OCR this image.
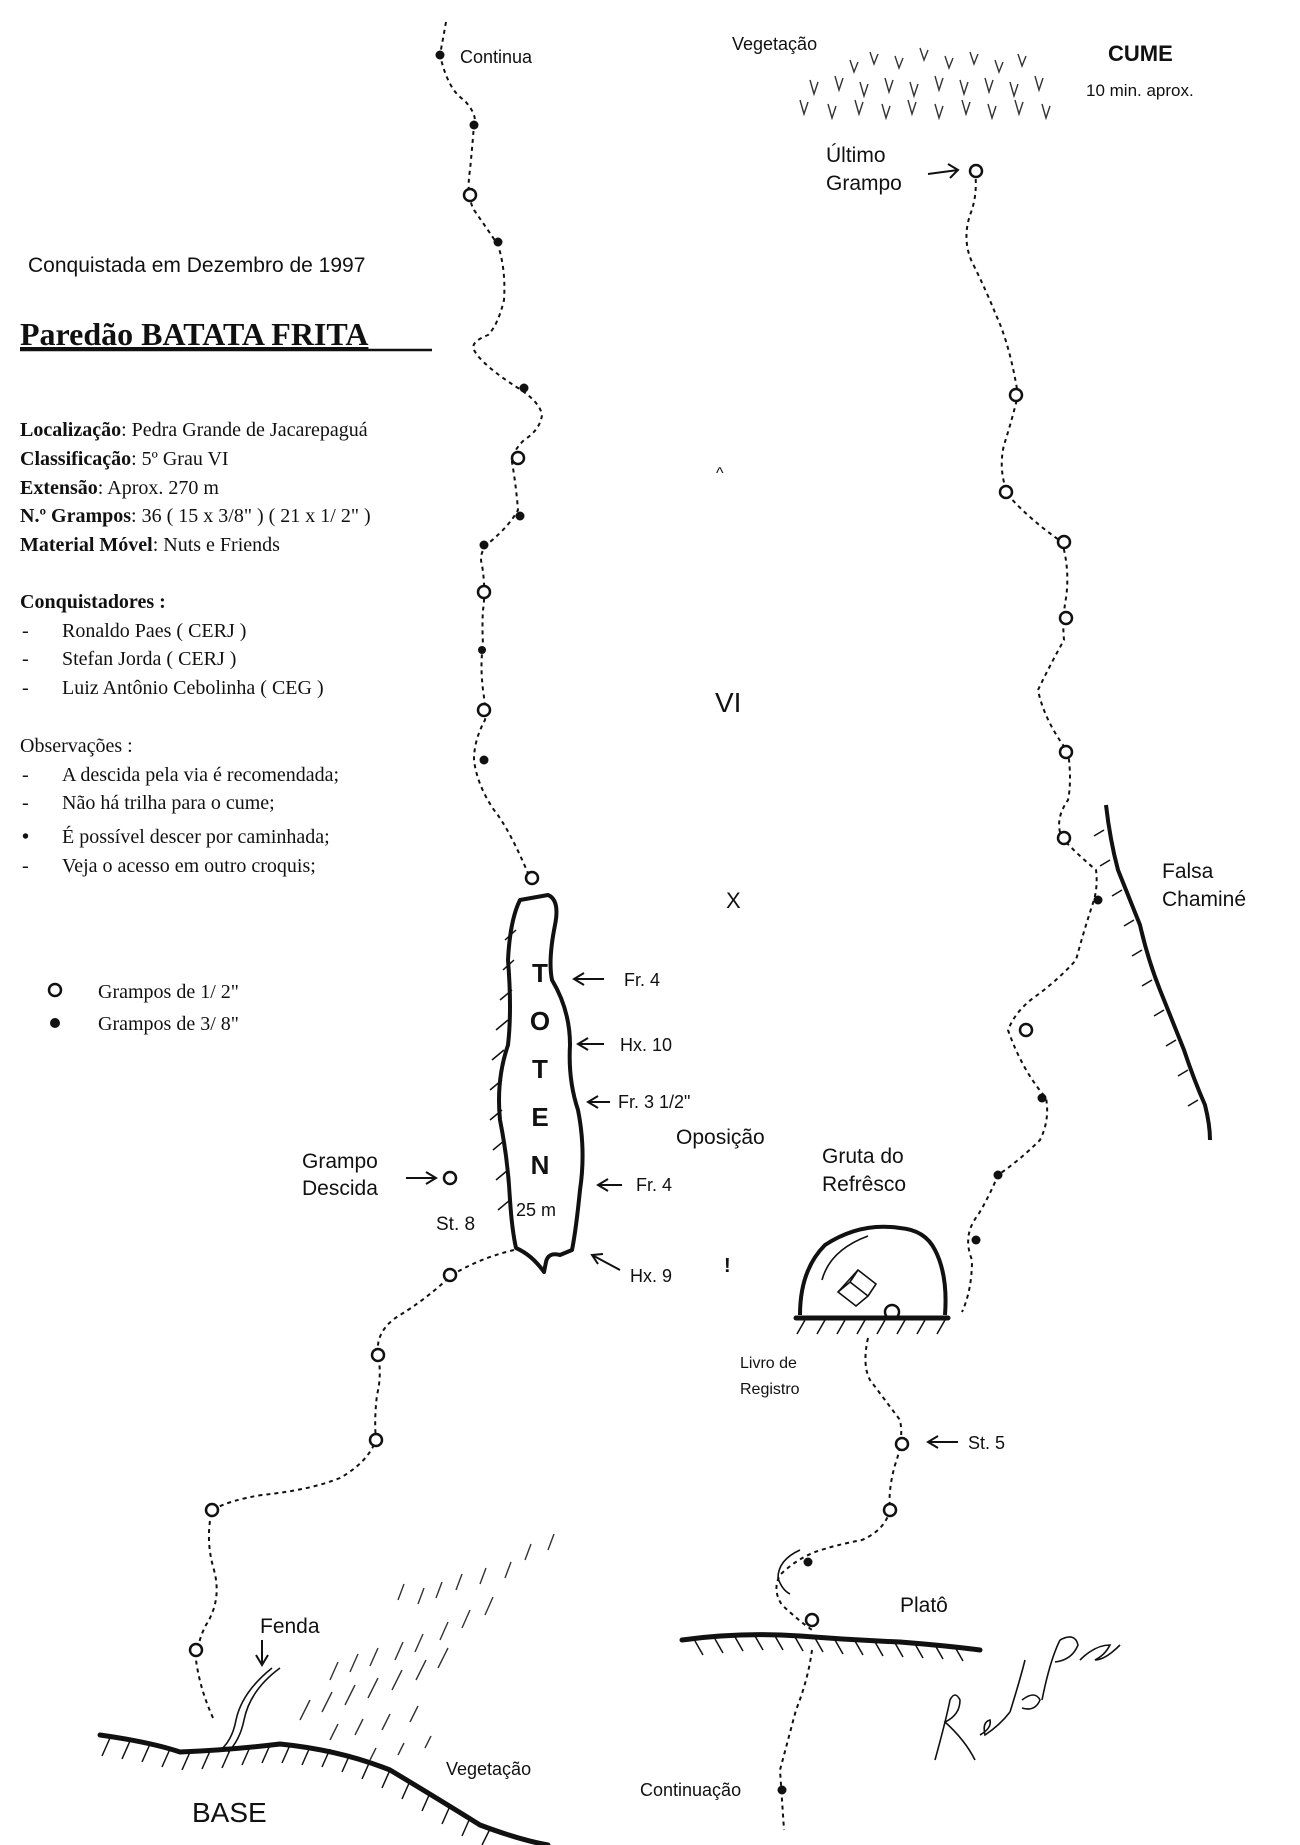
Conquistada em Dezembro de 1997
Paredão BATATA FRITA
Localização: Pedra Grande de Jacarepaguá
Classificação: 5º Grau VI
Extensão: Aprox. 270 m
N.º Grampos: 36 ( 15 x 3/8" ) ( 21 x 1/ 2" )
Material Móvel: Nuts e Friends
Conquistadores :
- Ronaldo Paes ( CERJ )
- Stefan Jorda ( CERJ )
- Luiz Antônio Cebolinha ( CEG )
Observações :
- A descida pela via é recomendada;
- Não há trilha para o cume;
• É possível descer por caminhada;
- Veja o acesso em outro croquis;
Grampos de 1/ 2"
Grampos de 3/ 8"
Vegetação	CUME
10 min. aprox.
Continua
^
VI
X
!
T
O
T
E
N
25 m
Fr. 4
Hx. 10
Fr. 3 1/2"
Oposição
Fr. 4
Hx. 9
Grampo
Descida
St. 8
Fenda
Vegetação
BASE
Último
Grampo
Falsa
Chaminé
Gruta do
Refrêsco
Livro de
Registro
St. 5
Platô
Continuação
